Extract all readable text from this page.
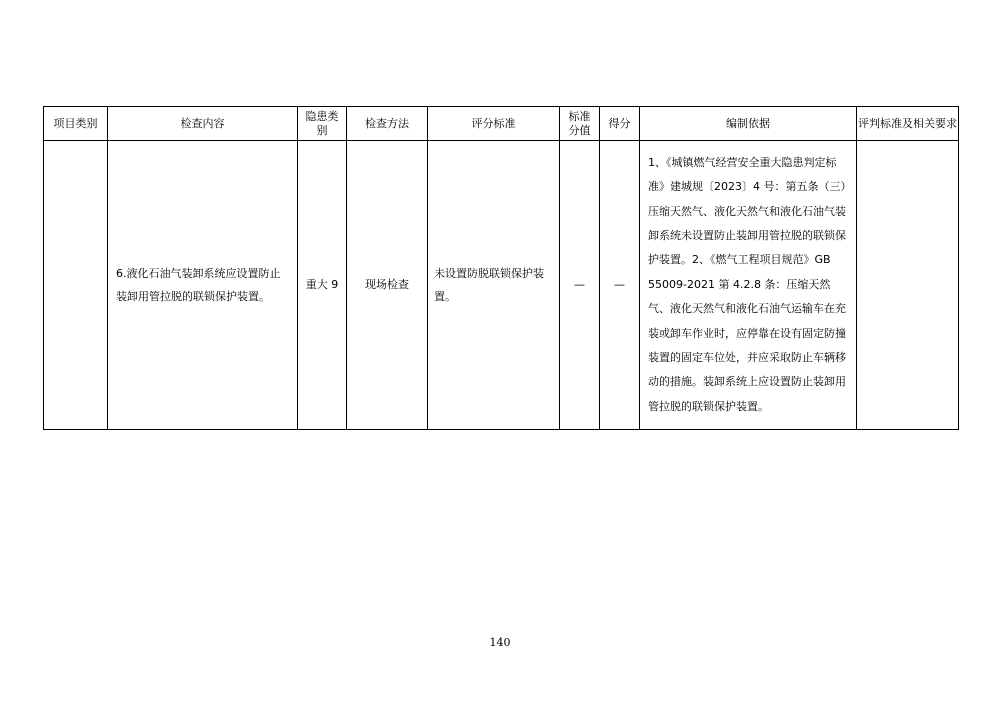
项目类别	检查内容	隐患类别	检查方法	评分标准	标准分值	得分	编制依据	评判标准及相关要求
	6.液化石油气装卸系统应设置防止装卸用管拉脱的联锁保护装置。	重大 9	现场检查	未设置防脱联锁保护装置。	—	—	1、《城镇燃气经营安全重大隐患判定标准》建城规〔2023〕4 号：第五条（三）压缩天然气、液化天然气和液化石油气装卸系统未设置防止装卸用管拉脱的联锁保护装置。2、《燃气工程项目规范》GB 55009-2021 第 4.2.8 条：压缩天然气、液化天然气和液化石油气运输车在充装或卸车作业时，应停靠在设有固定防撞装置的固定车位处，并应采取防止车辆移动的措施。装卸系统上应设置防止装卸用管拉脱的联锁保护装置。	
140
